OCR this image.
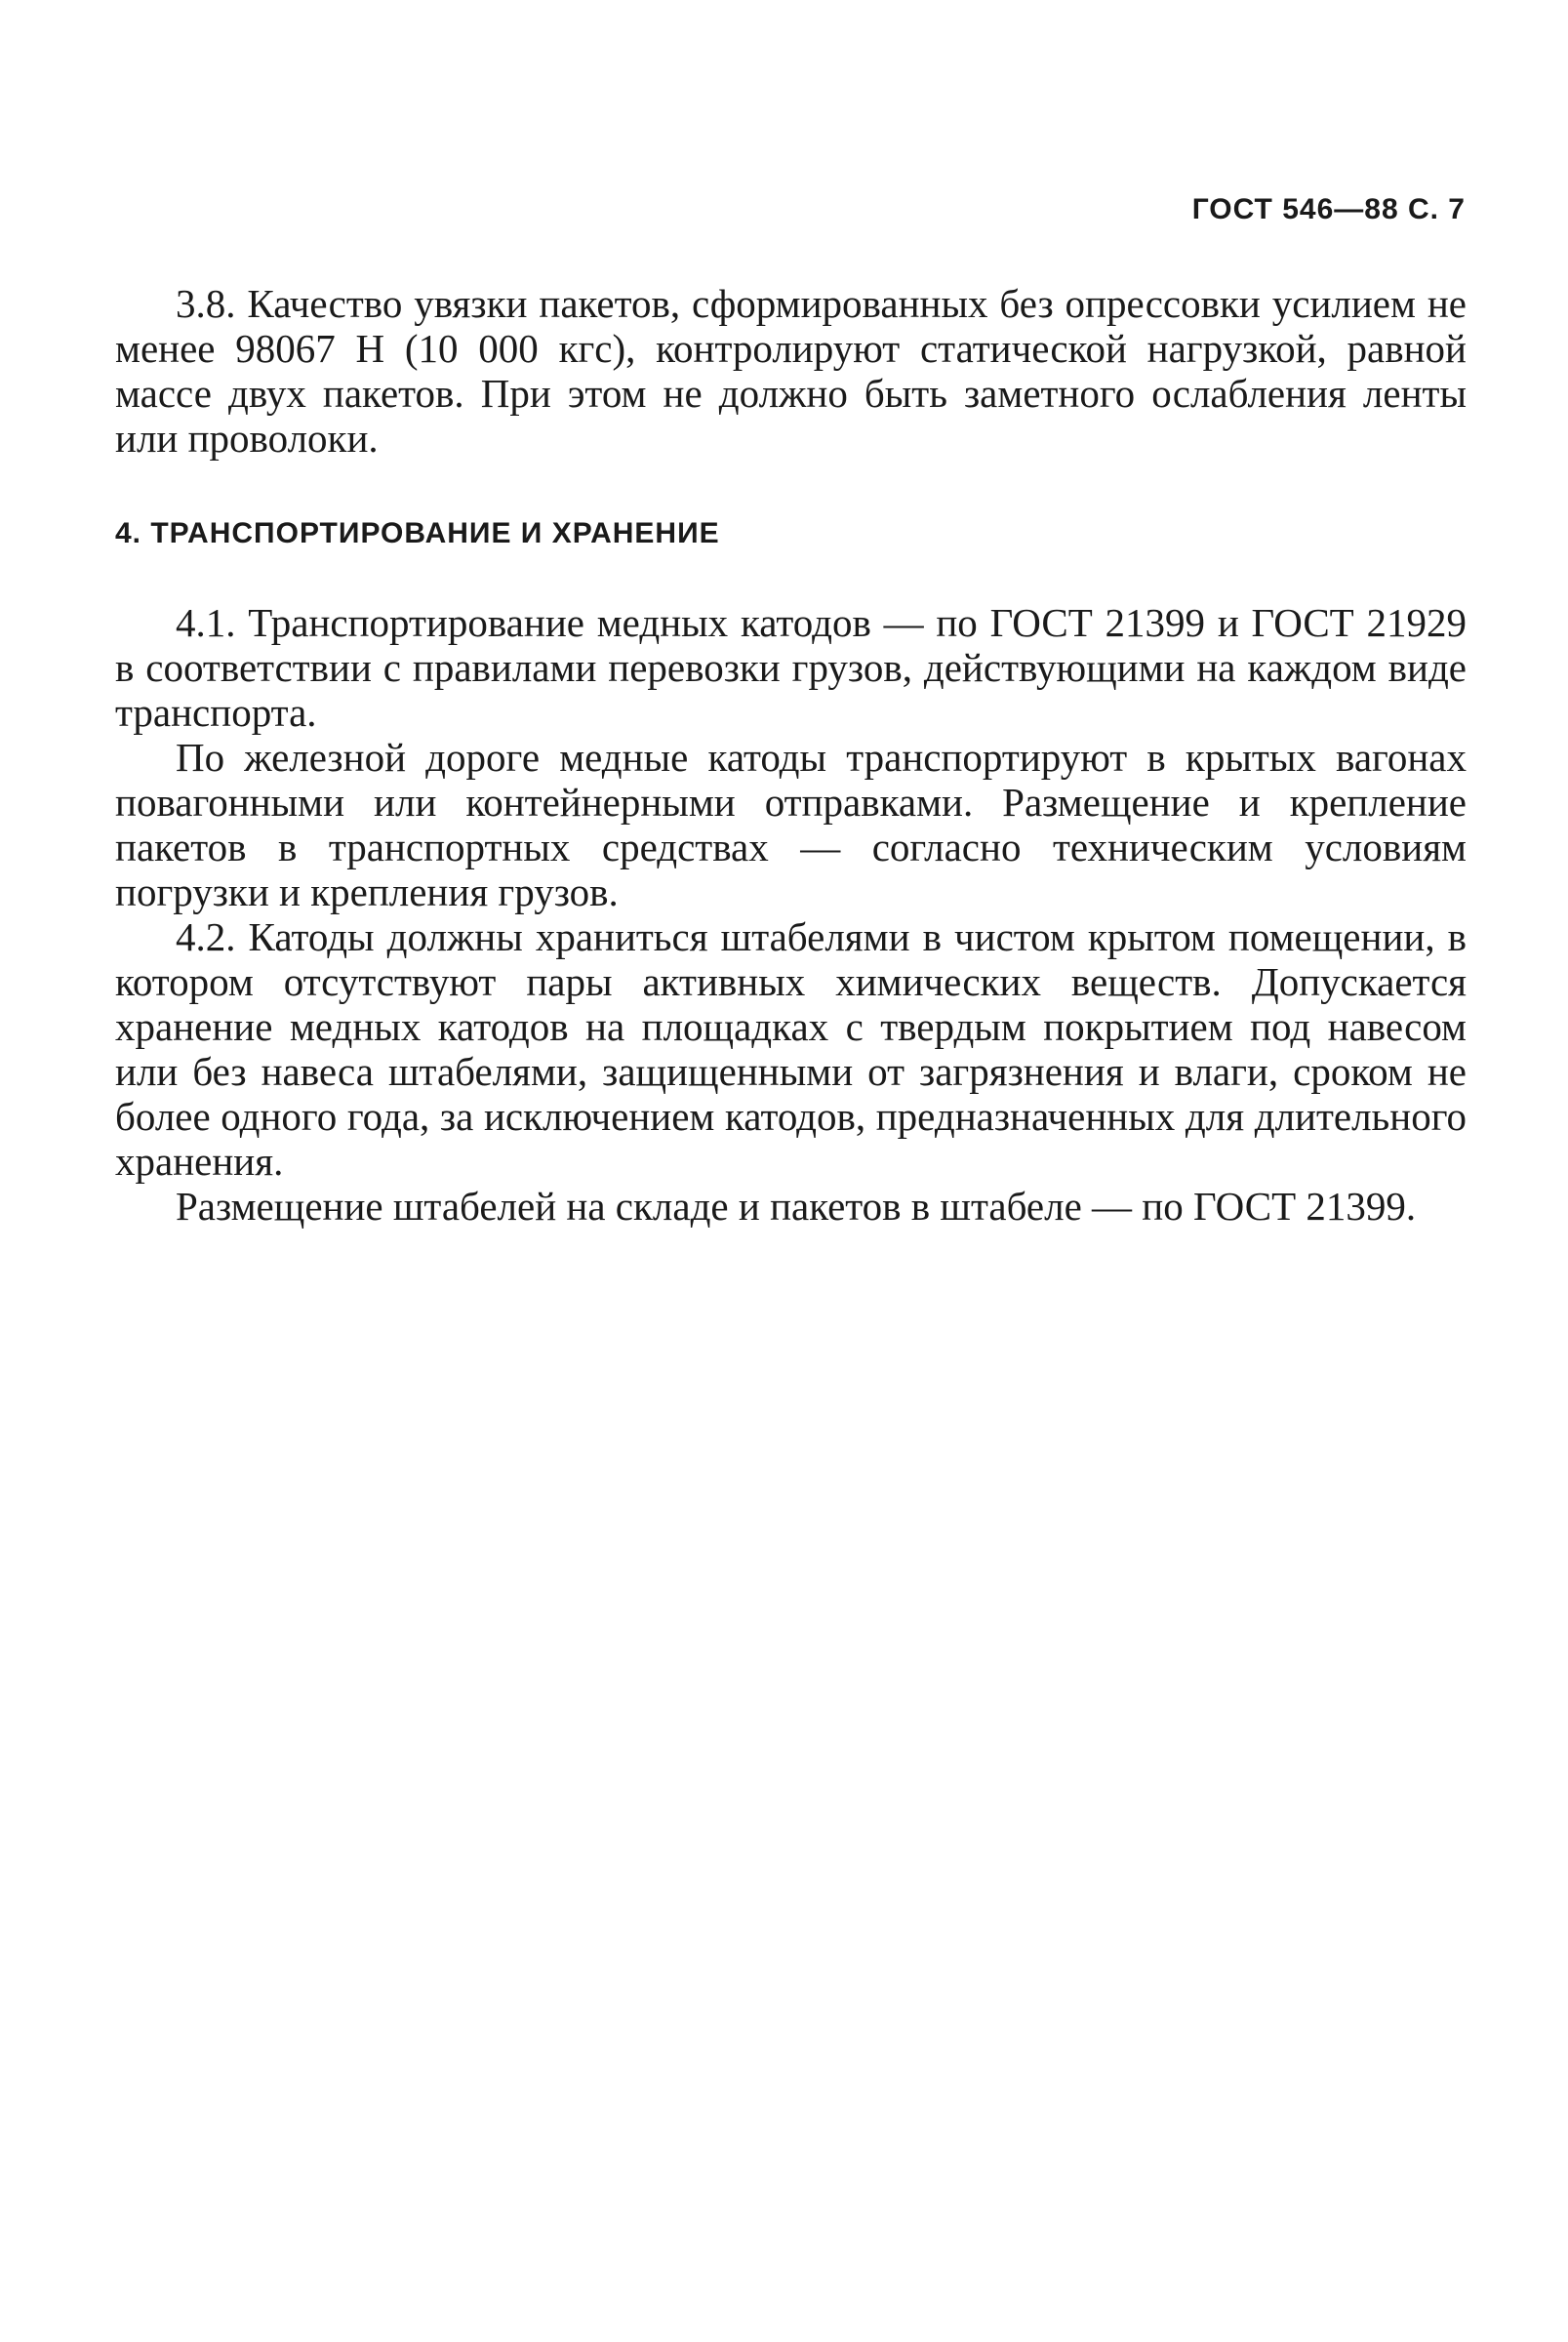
ГОСТ 546—88 С. 7

3.8. Качество увязки пакетов, сформированных без опрессовки усилием не менее 98067 Н (10 000 кгс), контролируют статической нагрузкой, равной массе двух пакетов. При этом не должно быть заметного ослабления ленты или проволоки.

4. ТРАНСПОРТИРОВАНИЕ И ХРАНЕНИЕ

4.1. Транспортирование медных катодов — по ГОСТ 21399 и ГОСТ 21929 в соответствии с правилами перевозки грузов, действующими на каждом виде транспорта.

По железной дороге медные катоды транспортируют в крытых вагонах повагонными или контейнерными отправками. Размещение и крепление пакетов в транспортных средствах — согласно техническим условиям погрузки и крепления грузов.

4.2. Катоды должны храниться штабелями в чистом крытом помещении, в котором отсутствуют пары активных химических веществ. Допускается хранение медных катодов на площадках с твердым покрытием под навесом или без навеса штабелями, защищенными от загрязнения и влаги, сроком не более одного года, за исключением катодов, предназначенных для длительного хранения.

Размещение штабелей на складе и пакетов в штабеле — по ГОСТ 21399.
